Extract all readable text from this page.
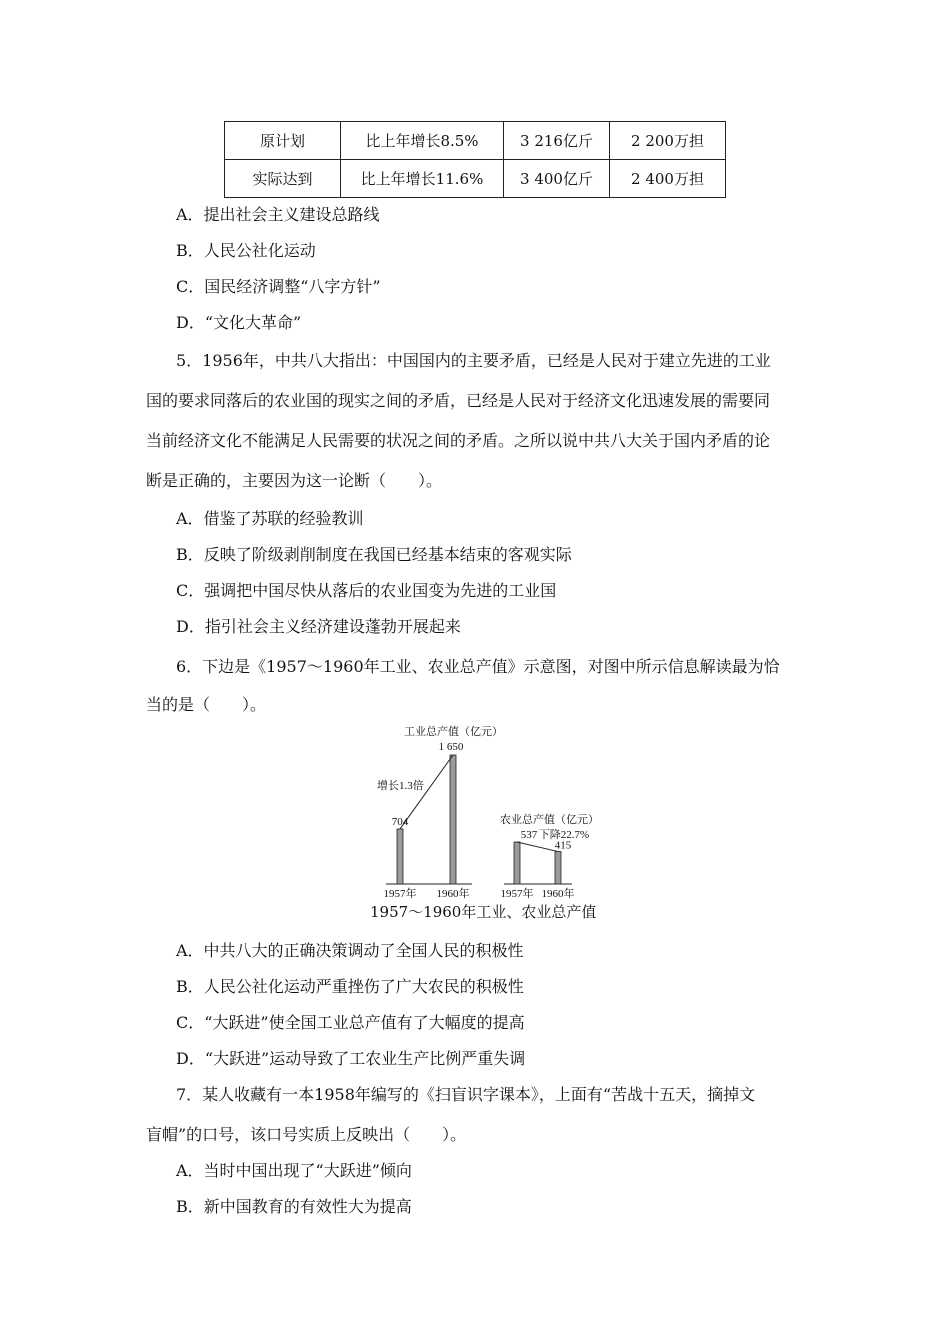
原计划	比上年增长8.5%	3 216亿斤	2 200万担
实际达到	比上年增长11.6%	3 400亿斤	2 400万担
A．提出社会主义建设总路线
B．人民公社化运动
C．国民经济调整“八字方针”
D．“文化大革命”
5．1956年，中共八大指出：中国国内的主要矛盾，已经是人民对于建立先进的工业
国的要求同落后的农业国的现实之间的矛盾，已经是人民对于经济文化迅速发展的需要同
当前经济文化不能满足人民需要的状况之间的矛盾。之所以说中共八大关于国内矛盾的论
断是正确的，主要因为这一论断（　　）。
A．借鉴了苏联的经验教训
B．反映了阶级剥削制度在我国已经基本结束的客观实际
C．强调把中国尽快从落后的农业国变为先进的工业国
D．指引社会主义经济建设蓬勃开展起来
6．下边是《1957～1960年工业、农业总产值》示意图，对图中所示信息解读最为恰
当的是（　　）。
1957年 1960年
工业总产值（亿元）
704
1 650
增长1.3倍
1957年 1960年
农业总产值（亿元）
537 下降22.7%
415
1957～1960年工业、农业总产值
A．中共八大的正确决策调动了全国人民的积极性
B．人民公社化运动严重挫伤了广大农民的积极性
C．“大跃进”使全国工业总产值有了大幅度的提高
D．“大跃进”运动导致了工农业生产比例严重失调
7．某人收藏有一本1958年编写的《扫盲识字课本》，上面有“苦战十五天，摘掉文
盲帽”的口号，该口号实质上反映出（　　）。
A．当时中国出现了“大跃进”倾向
B．新中国教育的有效性大为提高
